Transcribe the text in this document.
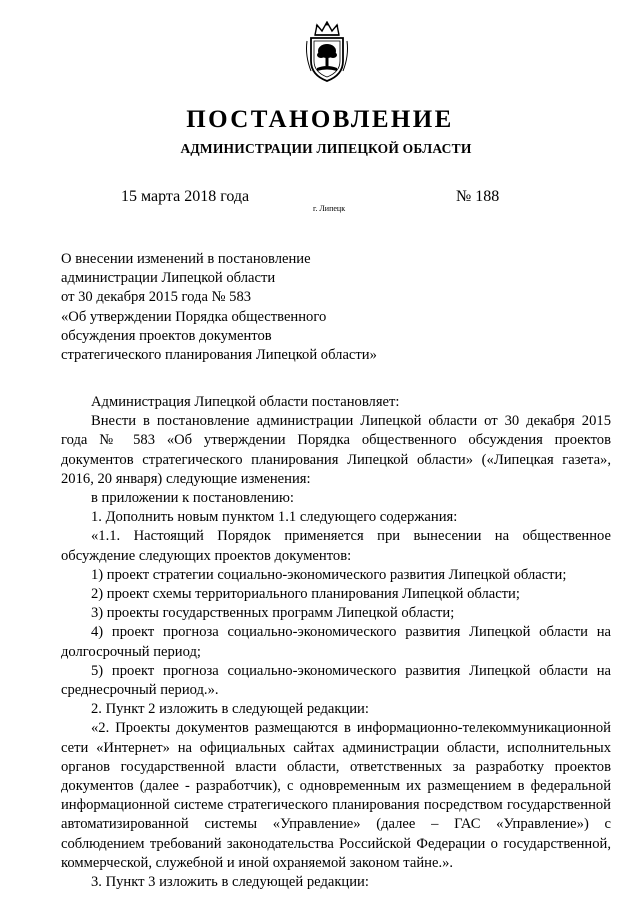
ПОСТАНОВЛЕНИЕ
АДМИНИСТРАЦИИ ЛИПЕЦКОЙ ОБЛАСТИ
15 марта 2018 года
г. Липецк
№ 188
О внесении изменений в постановление
администрации Липецкой области
от 30 декабря 2015 года № 583
«Об утверждении Порядка общественного
обсуждения проектов документов
стратегического планирования Липецкой области»

Администрация Липецкой области постановляет:

Внести в постановление администрации Липецкой области от 30 декабря 2015 года № 583 «Об утверждении Порядка общественного обсуждения проектов документов стратегического планирования Липецкой области» («Липецкая газета», 2016, 20 января) следующие изменения:

в приложении к постановлению:

1. Дополнить новым пунктом 1.1 следующего содержания:

«1.1. Настоящий Порядок применяется при вынесении на общественное обсуждение следующих проектов документов:

1) проект стратегии социально-экономического развития Липецкой области;

2) проект схемы территориального планирования Липецкой области;

3) проекты государственных программ Липецкой области;

4) проект прогноза социально-экономического развития Липецкой области на долгосрочный период;

5) проект прогноза социально-экономического развития Липецкой области на среднесрочный период.».

2. Пункт 2 изложить в следующей редакции:

«2. Проекты документов размещаются в информационно-телекоммуникационной сети «Интернет» на официальных сайтах администрации области, исполнительных органов государственной власти области, ответственных за разработку проектов документов (далее - разработчик), с одновременным их размещением в федеральной информационной системе стратегического планирования посредством государственной автоматизированной системы «Управление» (далее – ГАС «Управление») с соблюдением требований законодательства Российской Федерации о государственной, коммерческой, служебной и иной охраняемой законом тайне.».

3. Пункт 3 изложить в следующей редакции:
